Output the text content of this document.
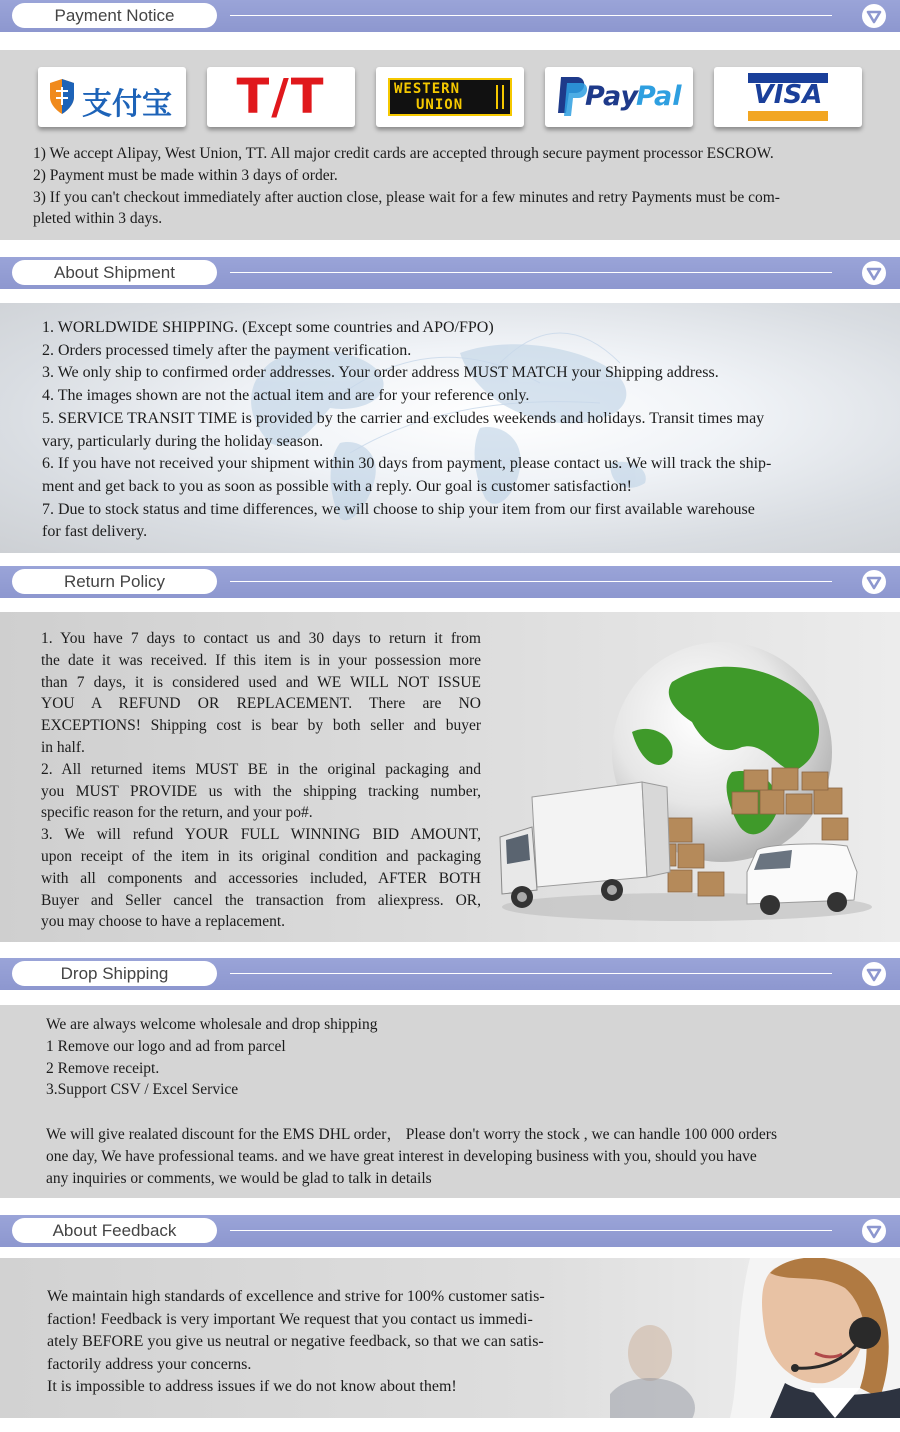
Payment Notice
支付宝	T/T	WESTERN
UNION	Pay
Pal	VISA

1) We accept Alipay, West Union, TT. All major credit cards are accepted through secure payment processor ESCROW.

2) Payment must be made within 3 days of order.

3) If you can't checkout immediately after auction close, please wait for a few minutes and retry Payments must be com-

pleted within 3 days.

About Shipment

1. WORLDWIDE SHIPPING. (Except some countries and APO/FPO)

2. Orders processed timely after the payment verification.

3. We only ship to confirmed order addresses. Your order address MUST MATCH your Shipping address.

4. The images shown are not the actual item and are for your reference only.

5. SERVICE TRANSIT TIME is provided by the carrier and excludes weekends and holidays. Transit times may

vary, particularly during the holiday season.

6. If you have not received your shipment within 30 days from payment, please contact us. We will track the ship-

ment and get back to you as soon as possible with a reply. Our goal is customer satisfaction!

7. Due to stock status and time differences, we will choose to ship your item from our first available warehouse

for fast delivery.

Return Policy

1. You have 7 days to contact us and 30 days to return it from

the date it was received. If this item is in your possession more

than 7 days, it is considered used and WE WILL NOT ISSUE

YOU A REFUND OR REPLACEMENT. There are NO

EXCEPTIONS! Shipping cost is bear by both seller and buyer

in half.

2. All returned items MUST BE in the original packaging and

you MUST PROVIDE us with the shipping tracking number,

specific reason for the return, and your po#.

3. We will refund YOUR FULL WINNING BID AMOUNT,

upon receipt of the item in its original condition and packaging

with all components and accessories included, AFTER BOTH

Buyer and Seller cancel the transaction from aliexpress. OR,

you may choose to have a replacement.

Drop Shipping

We are always welcome wholesale and drop shipping

1 Remove our logo and ad from parcel

2 Remove receipt.

3.Support CSV / Excel Service

We will give realated discount for the EMS DHL order， Please don't worry the stock , we can handle 100 000 orders

one day, We have professional teams. and we have great interest in developing business with you, should you have

any inquiries or comments, we would be glad to talk in details

About Feedback

We maintain high standards of excellence and strive for 100% customer satis-

faction! Feedback is very important We request that you contact us immedi-

ately BEFORE you give us neutral or negative feedback, so that we can satis-

factorily address your concerns.

It is impossible to address issues if we do not know about them!
